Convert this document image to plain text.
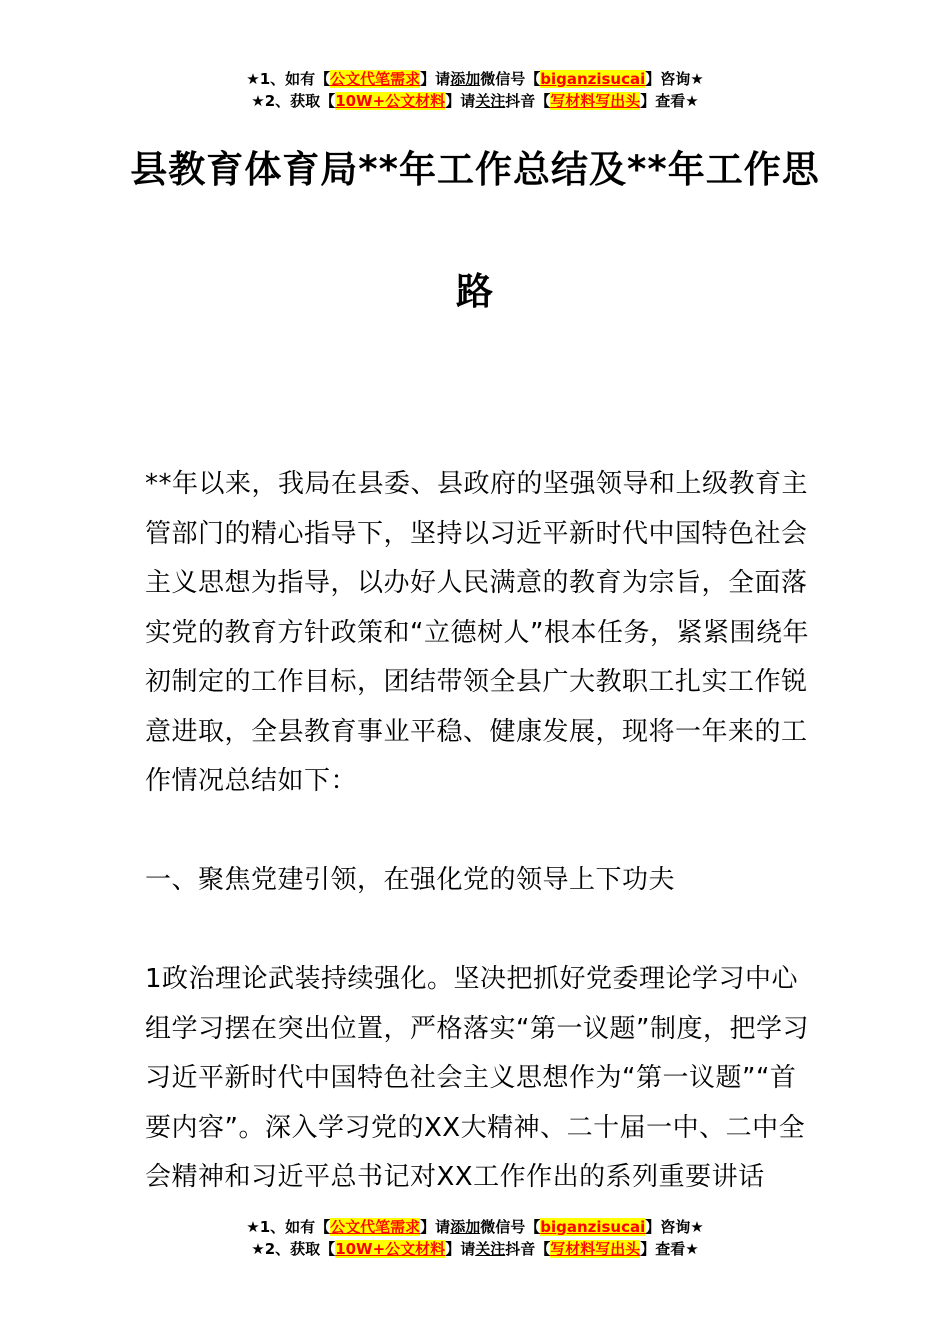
★1、如有【公文代笔需求】请添加微信号【biganzisucai】咨询★
★2、获取【10W+公文材料】请关注抖音【写材料写出头】查看★
县教育体育局**年工作总结及**年工作思
路
**年以来，我局在县委、县政府的坚强领导和上级教育主管部门的精心指导下，坚持以习近平新时代中国特色社会主义思想为指导，以办好人民满意的教育为宗旨，全面落实党的教育方针政策和“立德树人”根本任务，紧紧围绕年初制定的工作目标，团结带领全县广大教职工扎实工作锐意进取，全县教育事业平稳、健康发展，现将一年来的工作情况总结如下：
一、聚焦党建引领，在强化党的领导上下功夫
1政治理论武装持续强化。坚决把抓好党委理论学习中心组学习摆在突出位置，严格落实“第一议题”制度，把学习习近平新时代中国特色社会主义思想作为“第一议题”“首要内容”。深入学习党的XX大精神、二十届一中、二中全会精神和习近平总书记对XX工作作出的系列重要讲话
★1、如有【公文代笔需求】请添加微信号【biganzisucai】咨询★
★2、获取【10W+公文材料】请关注抖音【写材料写出头】查看★
